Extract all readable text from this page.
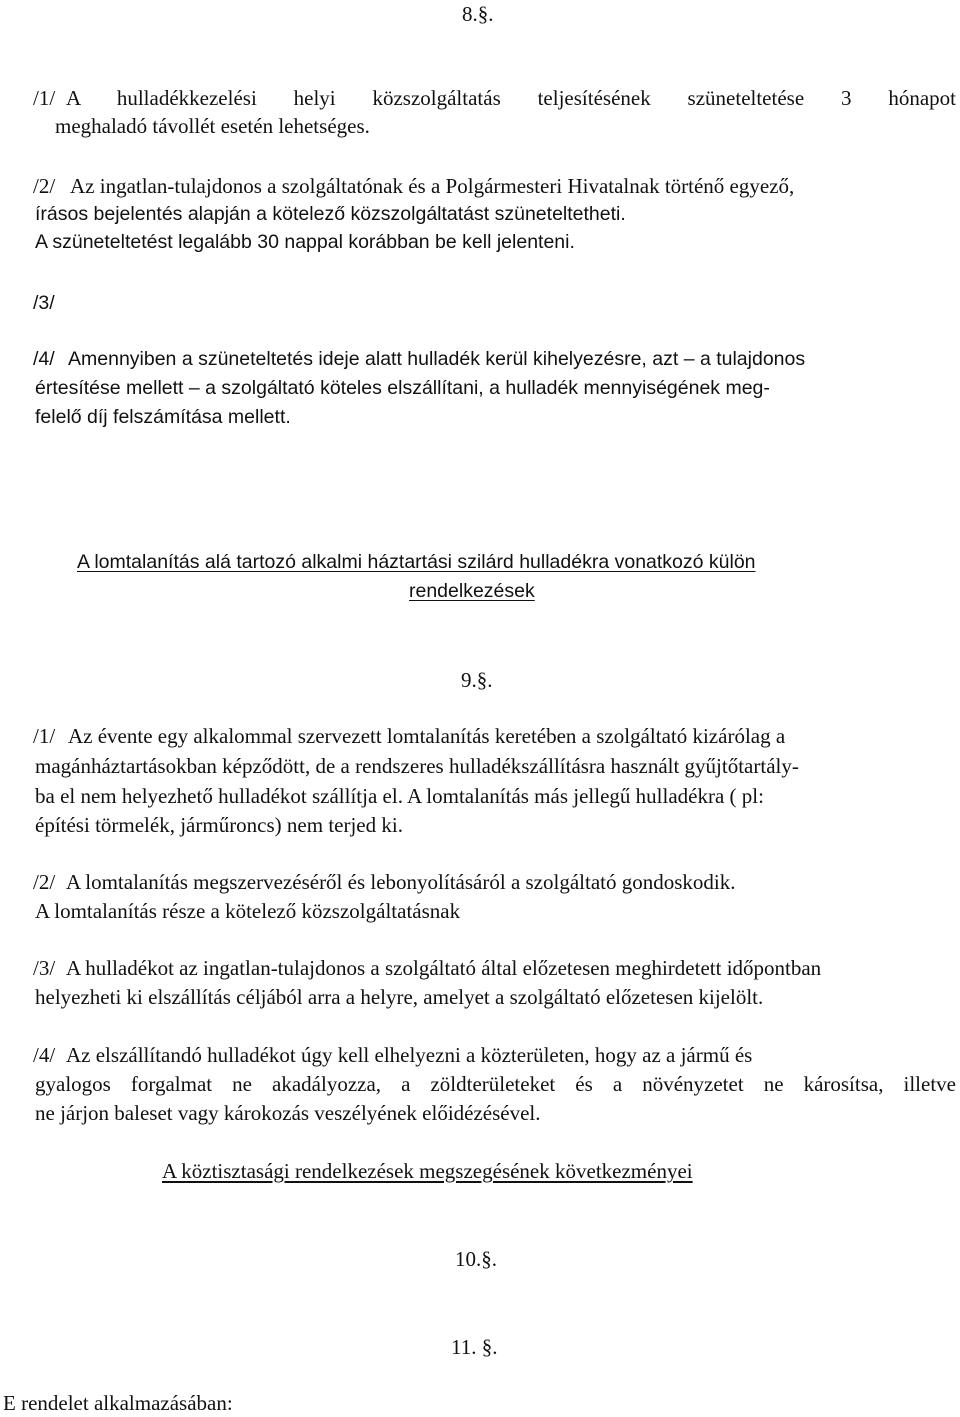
8.§.
/1/ A hulladékkezelési helyi közszolgáltatás teljesítésének szüneteltetése 3 hónapot
meghaladó távollét esetén lehetséges.
/2/ Az ingatlan-tulajdonos a szolgáltatónak és a Polgármesteri Hivatalnak történő egyező,
írásos bejelentés alapján a kötelező közszolgáltatást szüneteltetheti.
A szüneteltetést legalább 30 nappal korábban be kell jelenteni.
/3/
/4/ Amennyiben a szüneteltetés ideje alatt hulladék kerül kihelyezésre, azt – a tulajdonos
értesítése mellett – a szolgáltató köteles elszállítani, a hulladék mennyiségének meg-
felelő díj felszámítása mellett.
A lomtalanítás alá tartozó alkalmi háztartási szilárd hulladékra vonatkozó külön
rendelkezések
9.§.
/1/ Az évente egy alkalommal szervezett lomtalanítás keretében a szolgáltató kizárólag a
magánháztartásokban képződött, de a rendszeres hulladékszállításra használt gyűjtőtartály-
ba el nem helyezhető hulladékot szállítja el. A lomtalanítás más jellegű hulladékra ( pl:
építési törmelék, járműroncs) nem terjed ki.
/2/ A lomtalanítás megszervezéséről és lebonyolításáról a szolgáltató gondoskodik.
A lomtalanítás része a kötelező közszolgáltatásnak
/3/ A hulladékot az ingatlan-tulajdonos a szolgáltató által előzetesen meghirdetett időpontban
helyezheti ki elszállítás céljából arra a helyre, amelyet a szolgáltató előzetesen kijelölt.
/4/ Az elszállítandó hulladékot úgy kell elhelyezni a közterületen, hogy az a jármű és
gyalogos forgalmat ne akadályozza, a zöldterületeket és a növényzetet ne károsítsa, illetve
ne járjon baleset vagy károkozás veszélyének előidézésével.
A köztisztasági rendelkezések megszegésének következményei
10.§.
11. §.
E rendelet alkalmazásában:
